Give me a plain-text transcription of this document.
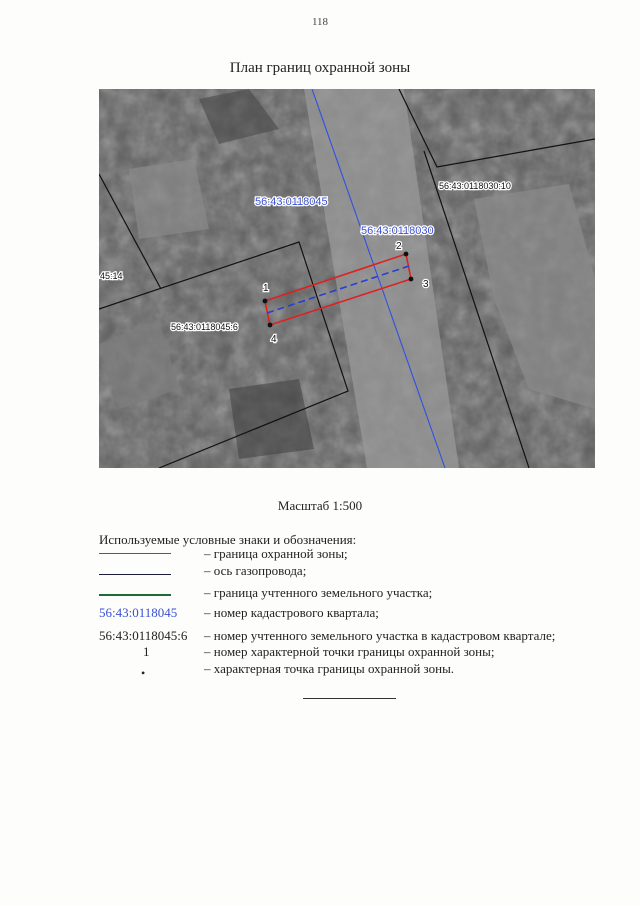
118
План границ охранной зоны
1
2
3
4
56:43:0118045
56:43:0118030
56:43:0118030:10
45:14
56:43:0118045:6
Масштаб 1:500
Используемые условные знаки и обозначения:
– граница охранной зоны;
– ось газопровода;
– граница учтенного земельного участка;
56:43:0118045 – номер кадастрового квартала;
56:43:0118045:6 – номер учтенного земельного участка в кадастровом квартале;
1	– номер характерной точки границы охранной зоны;
•	– характерная точка границы охранной зоны.
